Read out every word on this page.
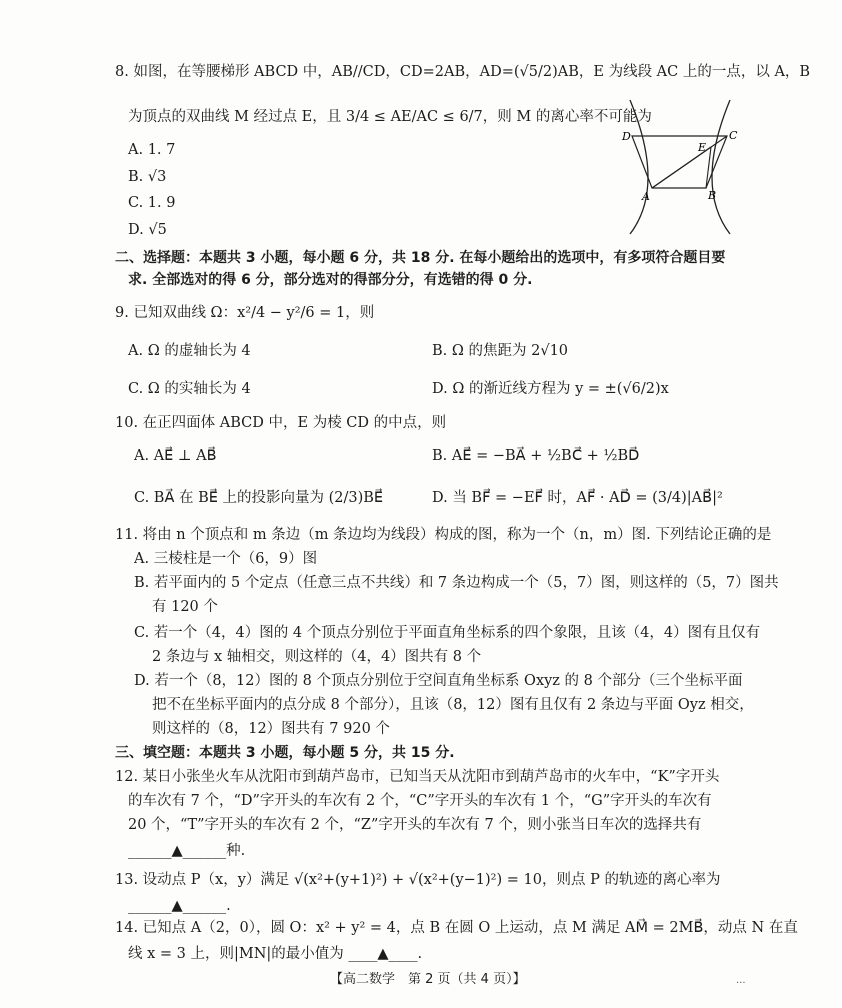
8. 如图，在等腰梯形 ABCD 中，AB//CD，CD=2AB，AD=(√5/2)AB，E 为线段 AC 上的一点，以 A，B
为顶点的双曲线 M 经过点 E，且 3/4 ≤ AE/AC ≤ 6/7，则 M 的离心率不可能为
A. 1. 7
B. √3
C. 1. 9
D. √5
D	C
E
A	B
二、选择题：本题共 3 小题，每小题 6 分，共 18 分. 在每小题给出的选项中，有多项符合题目要
求. 全部选对的得 6 分，部分选对的得部分分，有选错的得 0 分.
9. 已知双曲线 Ω：x²/4 − y²/6 = 1，则
A. Ω 的虚轴长为 4	B. Ω 的焦距为 2√10
C. Ω 的实轴长为 4	D. Ω 的渐近线方程为 y = ±(√6/2)x
10. 在正四面体 ABCD 中，E 为棱 CD 的中点，则
A. AE⃗ ⊥ AB⃗	B. AE⃗ = −BA⃗ + ½BC⃗ + ½BD⃗
C. BA⃗ 在 BE⃗ 上的投影向量为 (2/3)BE⃗	D. 当 BF⃗ = −EF⃗ 时，AF⃗ · AD⃗ = (3/4)|AB⃗|²
11. 将由 n 个顶点和 m 条边（m 条边均为线段）构成的图，称为一个（n，m）图. 下列结论正确的是
A. 三棱柱是一个（6，9）图
B. 若平面内的 5 个定点（任意三点不共线）和 7 条边构成一个（5，7）图，则这样的（5，7）图共
有 120 个
C. 若一个（4，4）图的 4 个顶点分别位于平面直角坐标系的四个象限，且该（4，4）图有且仅有
2 条边与 x 轴相交，则这样的（4，4）图共有 8 个
D. 若一个（8，12）图的 8 个顶点分别位于空间直角坐标系 Oxyz 的 8 个部分（三个坐标平面
把不在坐标平面内的点分成 8 个部分），且该（8，12）图有且仅有 2 条边与平面 Oyz 相交，
则这样的（8，12）图共有 7 920 个
三、填空题：本题共 3 小题，每小题 5 分，共 15 分.
12. 某日小张坐火车从沈阳市到葫芦岛市，已知当天从沈阳市到葫芦岛市的火车中，“K”字开头
的车次有 7 个，“D”字开头的车次有 2 个，“C”字开头的车次有 1 个，“G”字开头的车次有
20 个，“T”字开头的车次有 2 个，“Z”字开头的车次有 7 个，则小张当日车次的选择共有
______▲______种.
13. 设动点 P（x，y）满足 √(x²+(y+1)²) + √(x²+(y−1)²) = 10，则点 P 的轨迹的离心率为
______▲______.
14. 已知点 A（2，0），圆 O：x² + y² = 4，点 B 在圆 O 上运动，点 M 满足 AM⃗ = 2MB⃗，动点 N 在直
线 x = 3 上，则|MN|的最小值为 ____▲____.
【高二数学　第 2 页（共 4 页）】	...
